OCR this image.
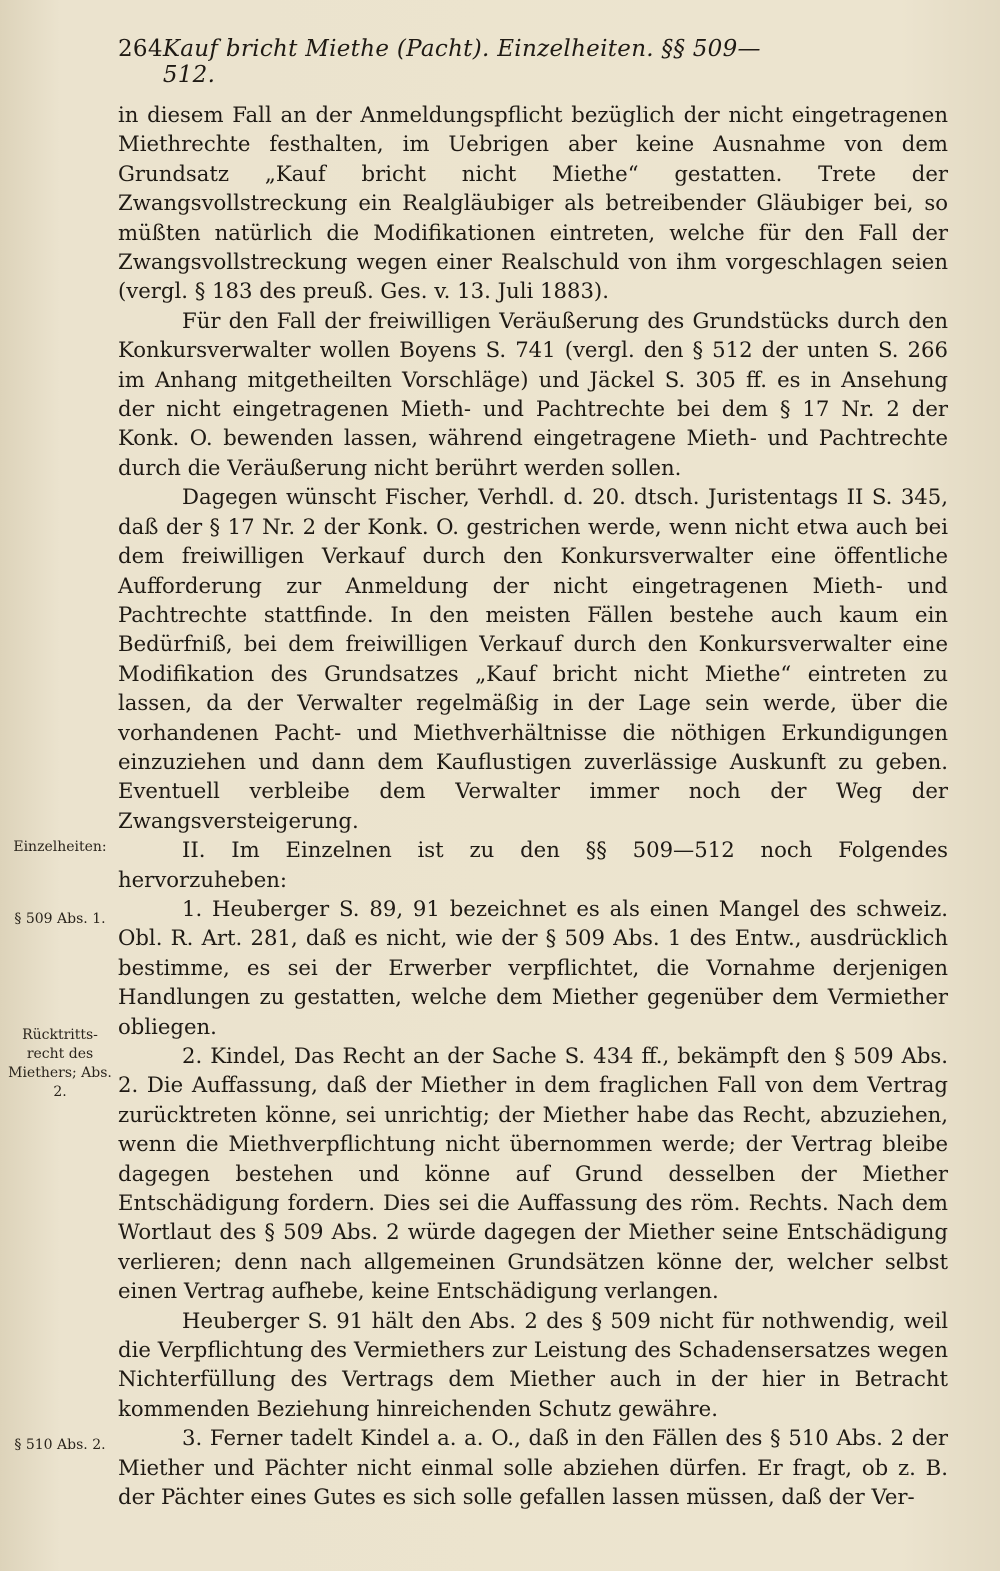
264 Kauf bricht Miethe (Pacht). Einzelheiten. §§ 509—512.
Einzelheiten:
§ 509 Abs. 1.
Rücktritts-recht des Miethers; Abs. 2.
§ 510 Abs. 2.

in diesem Fall an der Anmeldungspflicht bezüglich der nicht eingetragenen Miethrechte festhalten, im Uebrigen aber keine Ausnahme von dem Grundsatz „Kauf bricht nicht Miethe“ gestatten. Trete der Zwangsvollstreckung ein Realgläubiger als betreibender Gläubiger bei, so müßten natürlich die Modifikationen eintreten, welche für den Fall der Zwangsvollstreckung wegen einer Realschuld von ihm vorgeschlagen seien (vergl. § 183 des preuß. Ges. v. 13. Juli 1883).

Für den Fall der freiwilligen Veräußerung des Grundstücks durch den Konkursverwalter wollen Boyens S. 741 (vergl. den § 512 der unten S. 266 im Anhang mitgetheilten Vorschläge) und Jäckel S. 305 ff. es in Ansehung der nicht eingetragenen Mieth- und Pachtrechte bei dem § 17 Nr. 2 der Konk. O. bewenden lassen, während eingetragene Mieth- und Pachtrechte durch die Veräußerung nicht berührt werden sollen.

Dagegen wünscht Fischer, Verhdl. d. 20. dtsch. Juristentags II S. 345, daß der § 17 Nr. 2 der Konk. O. gestrichen werde, wenn nicht etwa auch bei dem freiwilligen Verkauf durch den Konkursverwalter eine öffentliche Aufforderung zur Anmeldung der nicht eingetragenen Mieth- und Pachtrechte stattfinde. In den meisten Fällen bestehe auch kaum ein Bedürfniß, bei dem freiwilligen Verkauf durch den Konkursverwalter eine Modifikation des Grundsatzes „Kauf bricht nicht Miethe“ eintreten zu lassen, da der Verwalter regelmäßig in der Lage sein werde, über die vorhandenen Pacht- und Miethverhältnisse die nöthigen Erkundigungen einzuziehen und dann dem Kauflustigen zuverlässige Auskunft zu geben. Eventuell verbleibe dem Verwalter immer noch der Weg der Zwangsversteigerung.

II. Im Einzelnen ist zu den §§ 509—512 noch Folgendes hervorzuheben:

1. Heuberger S. 89, 91 bezeichnet es als einen Mangel des schweiz. Obl. R. Art. 281, daß es nicht, wie der § 509 Abs. 1 des Entw., ausdrücklich bestimme, es sei der Erwerber verpflichtet, die Vornahme derjenigen Handlungen zu gestatten, welche dem Miether gegenüber dem Vermiether obliegen.

2. Kindel, Das Recht an der Sache S. 434 ff., bekämpft den § 509 Abs. 2. Die Auffassung, daß der Miether in dem fraglichen Fall von dem Vertrag zurücktreten könne, sei unrichtig; der Miether habe das Recht, abzuziehen, wenn die Miethverpflichtung nicht übernommen werde; der Vertrag bleibe dagegen bestehen und könne auf Grund desselben der Miether Entschädigung fordern. Dies sei die Auffassung des röm. Rechts. Nach dem Wortlaut des § 509 Abs. 2 würde dagegen der Miether seine Entschädigung verlieren; denn nach allgemeinen Grundsätzen könne der, welcher selbst einen Vertrag aufhebe, keine Entschädigung verlangen.

Heuberger S. 91 hält den Abs. 2 des § 509 nicht für nothwendig, weil die Verpflichtung des Vermiethers zur Leistung des Schadensersatzes wegen Nichterfüllung des Vertrags dem Miether auch in der hier in Betracht kommenden Beziehung hinreichenden Schutz gewähre.

3. Ferner tadelt Kindel a. a. O., daß in den Fällen des § 510 Abs. 2 der Miether und Pächter nicht einmal solle abziehen dürfen. Er fragt, ob z. B. der Pächter eines Gutes es sich solle gefallen lassen müssen, daß der Ver-
